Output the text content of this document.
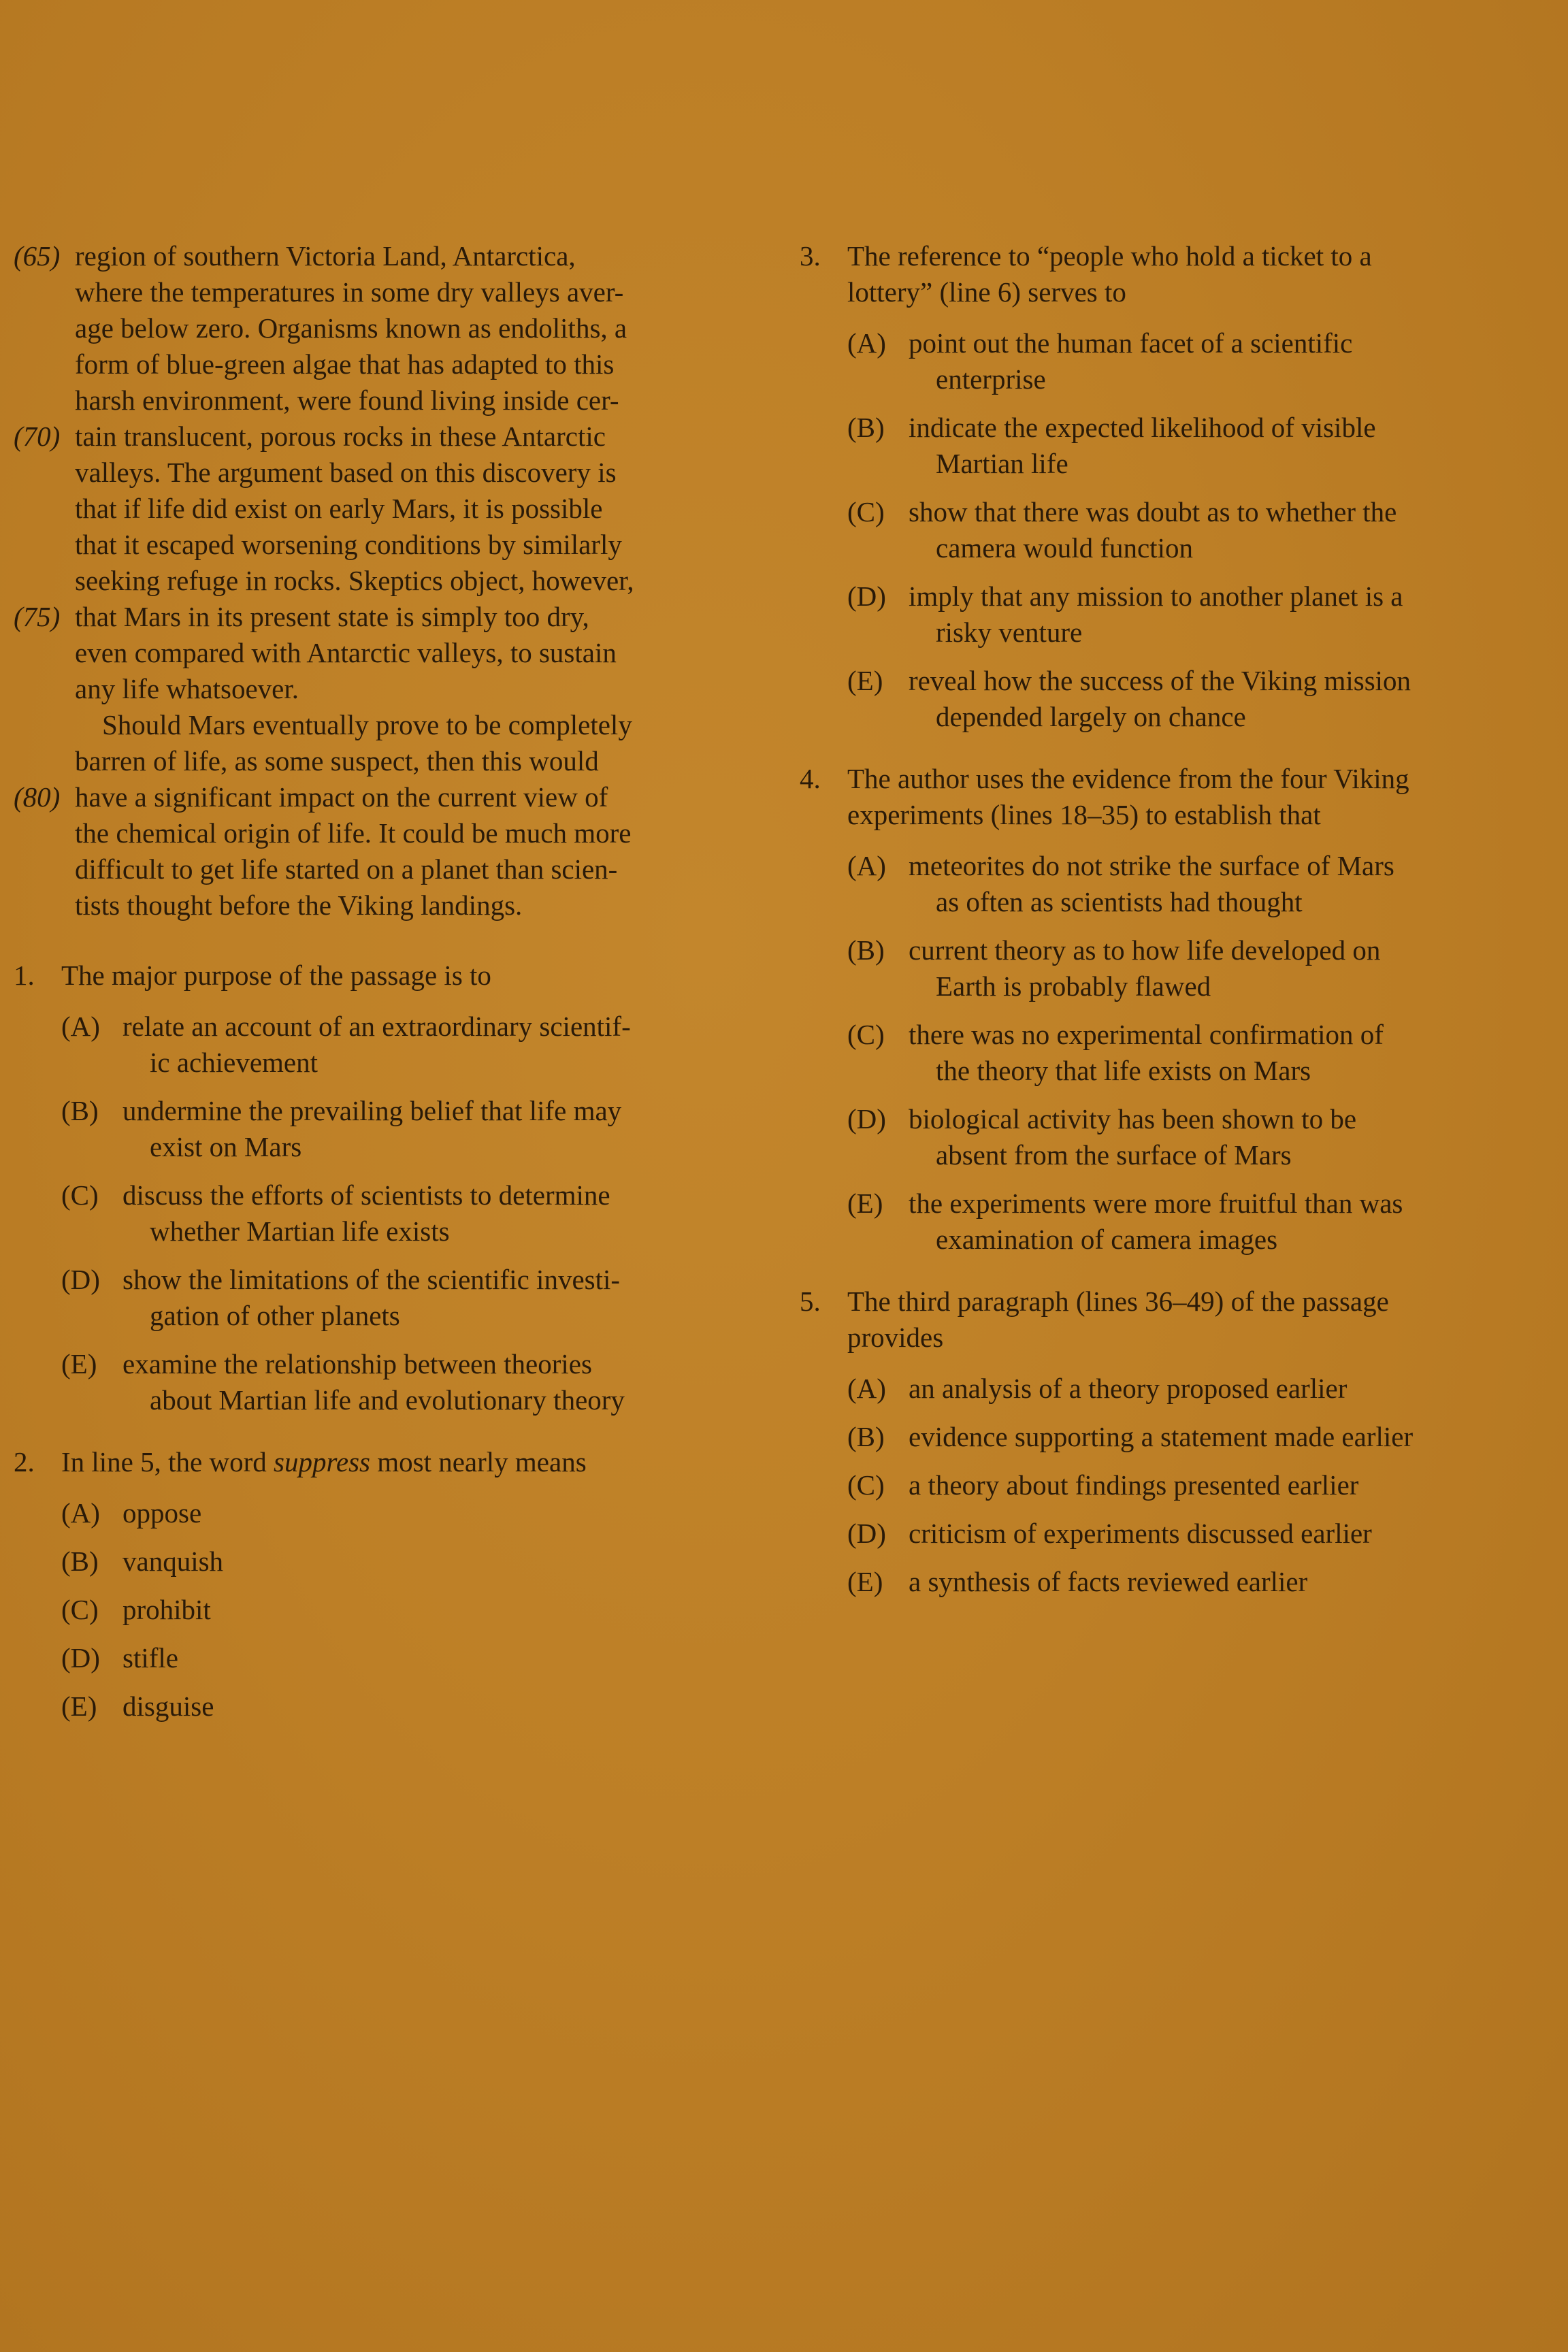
(65) region of southern Victoria Land, Antarctica,
where the temperatures in some dry valleys aver-
age below zero. Organisms known as endoliths, a
form of blue-green algae that has adapted to this
harsh environment, were found living inside cer-
(70) tain translucent, porous rocks in these Antarctic
valleys. The argument based on this discovery is
that if life did exist on early Mars, it is possible
that it escaped worsening conditions by similarly
seeking refuge in rocks. Skeptics object, however,
(75) that Mars in its present state is simply too dry,
even compared with Antarctic valleys, to sustain
any life whatsoever.
Should Mars eventually prove to be completely
barren of life, as some suspect, then this would
(80) have a significant impact on the current view of
the chemical origin of life. It could be much more
difficult to get life started on a planet than scien-
tists thought before the Viking landings.
1. The major purpose of the passage is to
(A) relate an account of an extraordinary scientif-
ic achievement
(B) undermine the prevailing belief that life may
exist on Mars
(C) discuss the efforts of scientists to determine
whether Martian life exists
(D) show the limitations of the scientific investi-
gation of other planets
(E) examine the relationship between theories
about Martian life and evolutionary theory
2. In line 5, the word suppress most nearly means
(A) oppose
(B) vanquish
(C) prohibit
(D) stifle
(E) disguise
3. The reference to “people who hold a ticket to a
lottery” (line 6) serves to
(A) point out the human facet of a scientific
enterprise
(B) indicate the expected likelihood of visible
Martian life
(C) show that there was doubt as to whether the
camera would function
(D) imply that any mission to another planet is a
risky venture
(E) reveal how the success of the Viking mission
depended largely on chance
4. The author uses the evidence from the four Viking
experiments (lines 18–35) to establish that
(A) meteorites do not strike the surface of Mars
as often as scientists had thought
(B) current theory as to how life developed on
Earth is probably flawed
(C) there was no experimental confirmation of
the theory that life exists on Mars
(D) biological activity has been shown to be
absent from the surface of Mars
(E) the experiments were more fruitful than was
examination of camera images
5. The third paragraph (lines 36–49) of the passage
provides
(A) an analysis of a theory proposed earlier
(B) evidence supporting a statement made earlier
(C) a theory about findings presented earlier
(D) criticism of experiments discussed earlier
(E) a synthesis of facts reviewed earlier
